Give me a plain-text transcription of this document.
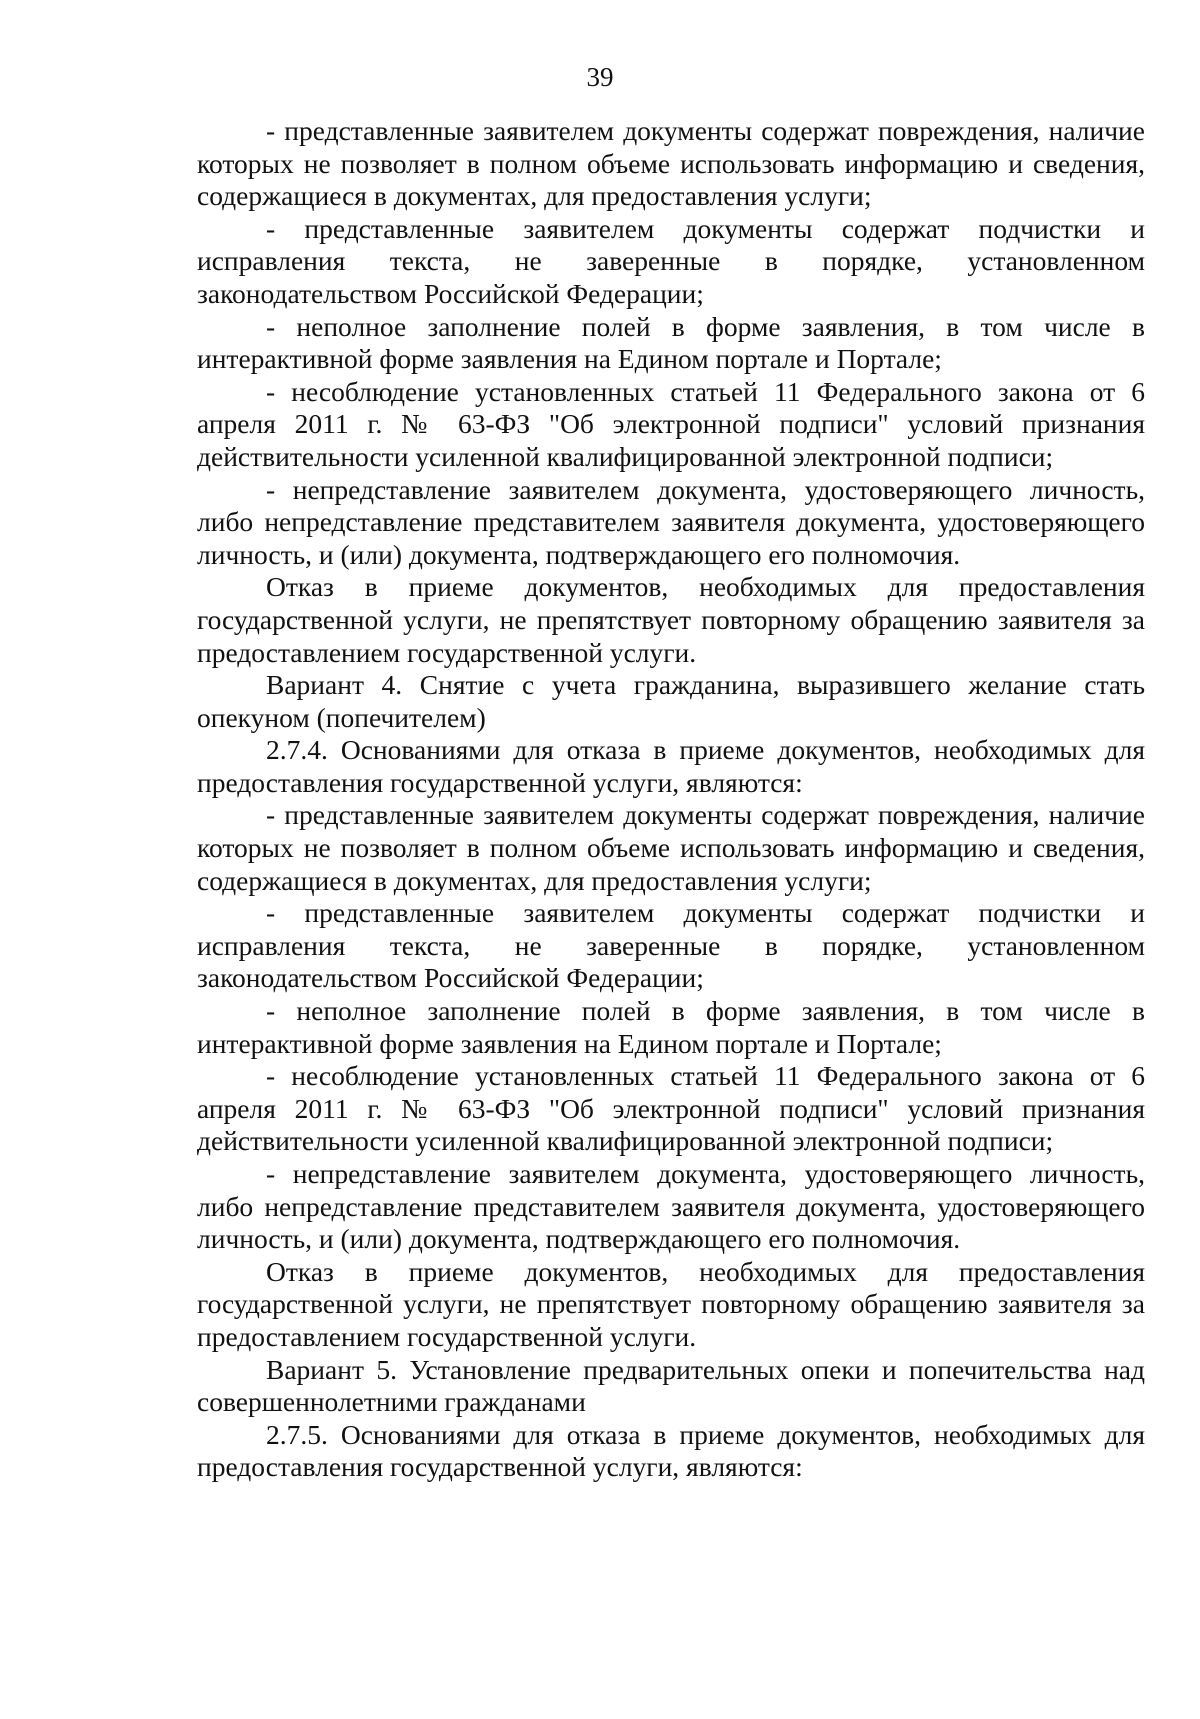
39

- представленные заявителем документы содержат повреждения, наличие которых не позволяет в полном объеме использовать информацию и сведения, содержащиеся в документах, для предоставления услуги;

- представленные заявителем документы содержат подчистки и исправления текста, не заверенные в порядке, установленном законодательством Российской Федерации;

- неполное заполнение полей в форме заявления, в том числе в интерактивной форме заявления на Едином портале и Портале;

- несоблюдение установленных статьей 11 Федерального закона от 6 апреля 2011 г. № 63-ФЗ "Об электронной подписи" условий признания действительности усиленной квалифицированной электронной подписи;

- непредставление заявителем документа, удостоверяющего личность, либо непредставление представителем заявителя документа, удостоверяющего личность, и (или) документа, подтверждающего его полномочия.

Отказ в приеме документов, необходимых для предоставления государственной услуги, не препятствует повторному обращению заявителя за предоставлением государственной услуги.

Вариант 4. Снятие с учета гражданина, выразившего желание стать опекуном (попечителем)

2.7.4. Основаниями для отказа в приеме документов, необходимых для предоставления государственной услуги, являются:

- представленные заявителем документы содержат повреждения, наличие которых не позволяет в полном объеме использовать информацию и сведения, содержащиеся в документах, для предоставления услуги;

- представленные заявителем документы содержат подчистки и исправления текста, не заверенные в порядке, установленном законодательством Российской Федерации;

- неполное заполнение полей в форме заявления, в том числе в интерактивной форме заявления на Едином портале и Портале;

- несоблюдение установленных статьей 11 Федерального закона от 6 апреля 2011 г. № 63-ФЗ "Об электронной подписи" условий признания действительности усиленной квалифицированной электронной подписи;

- непредставление заявителем документа, удостоверяющего личность, либо непредставление представителем заявителя документа, удостоверяющего личность, и (или) документа, подтверждающего его полномочия.

Отказ в приеме документов, необходимых для предоставления государственной услуги, не препятствует повторному обращению заявителя за предоставлением государственной услуги.

Вариант 5. Установление предварительных опеки и попечительства над совершеннолетними гражданами

2.7.5. Основаниями для отказа в приеме документов, необходимых для предоставления государственной услуги, являются:
